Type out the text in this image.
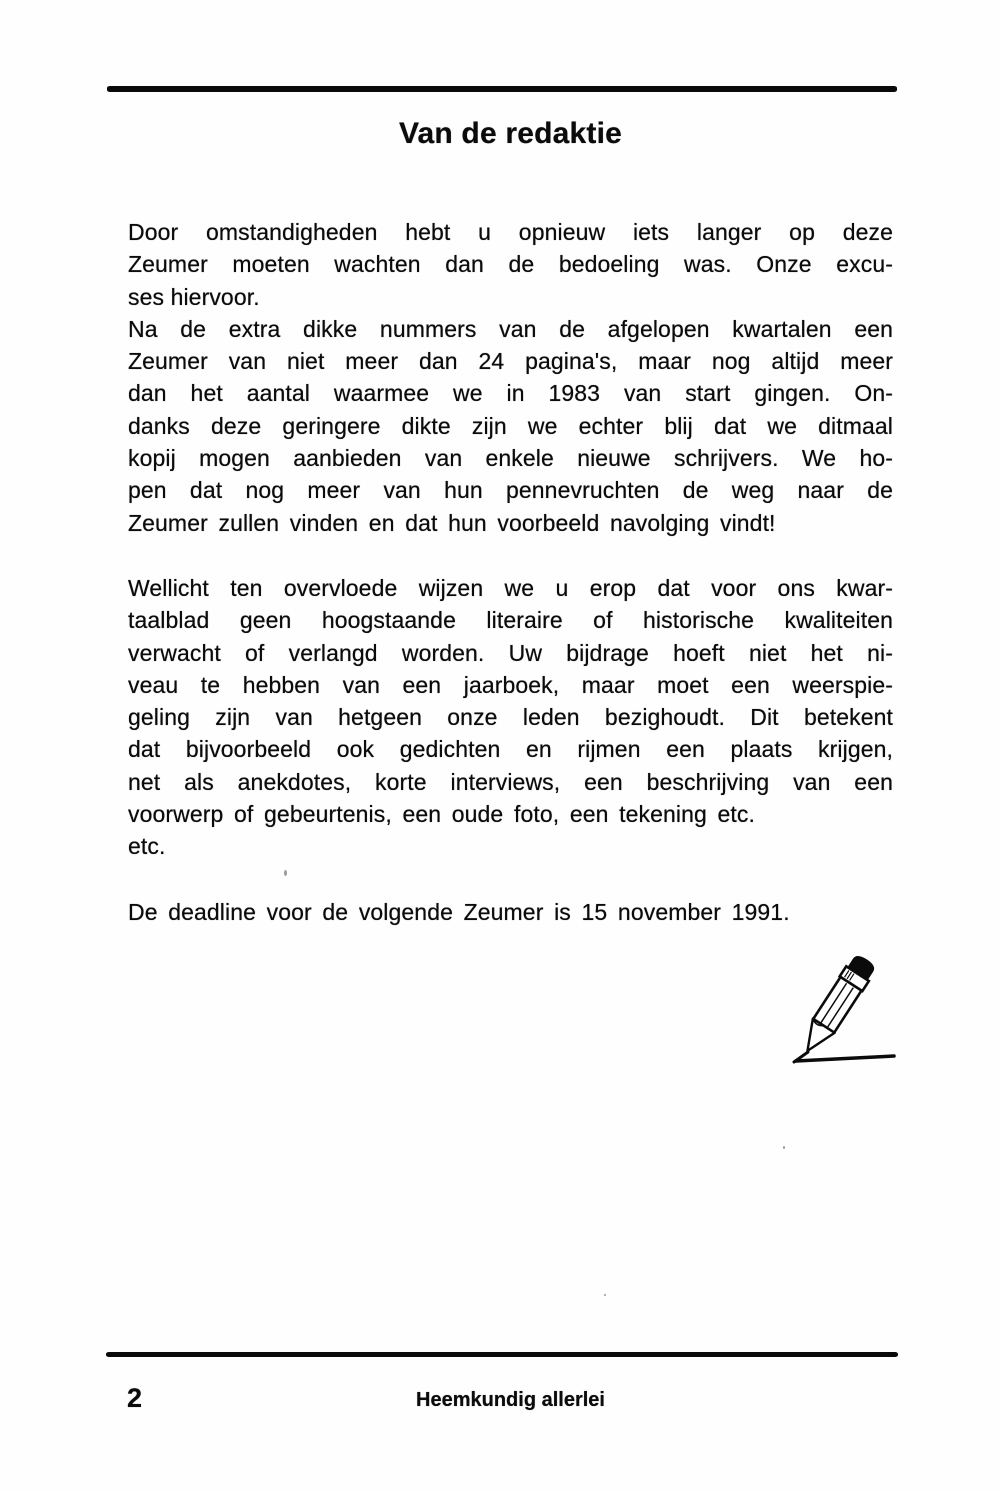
Van de redaktie
Door omstandigheden hebt u opnieuw iets langer op deze
Zeumer moeten wachten dan de bedoeling was. Onze excu-
ses hiervoor.
Na de extra dikke nummers van de afgelopen kwartalen een
Zeumer van niet meer dan 24 pagina's, maar nog altijd meer
dan het aantal waarmee we in 1983 van start gingen. On-
danks deze geringere dikte zijn we echter blij dat we ditmaal
kopij mogen aanbieden van enkele nieuwe schrijvers. We ho-
pen dat nog meer van hun pennevruchten de weg naar de
Zeumer zullen vinden en dat hun voorbeeld navolging vindt!
Wellicht ten overvloede wijzen we u erop dat voor ons kwar-
taalblad geen hoogstaande literaire of historische kwaliteiten
verwacht of verlangd worden. Uw bijdrage hoeft niet het ni-
veau te hebben van een jaarboek, maar moet een weerspie-
geling zijn van hetgeen onze leden bezighoudt. Dit betekent
dat bijvoorbeeld ook gedichten en rijmen een plaats krijgen,
net als anekdotes, korte interviews, een beschrijving van een
voorwerp of gebeurtenis, een oude foto, een tekening etc.
etc.
De deadline voor de volgende Zeumer is 15 november 1991.
2	Heemkundig allerlei
